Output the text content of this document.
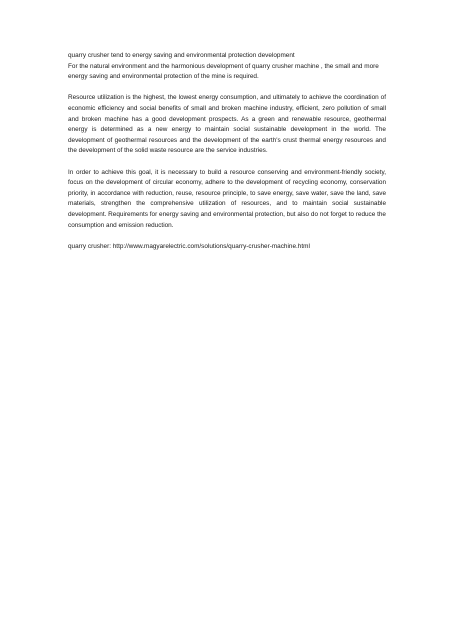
quarry crusher tend to energy saving and environmental protection development
For the natural environment and the harmonious development of quarry crusher machine , the small and more energy saving and environmental protection of the mine is required.
Resource utilization is the highest, the lowest energy consumption, and ultimately to achieve the coordination of economic efficiency and social benefits of small and broken machine industry, efficient, zero pollution of small and broken machine has a good development prospects. As a green and renewable resource, geothermal energy is determined as a new energy to maintain social sustainable development in the world. The development of geothermal resources and the development of the earth's crust thermal energy resources and the development of the solid waste resource are the service industries.
In order to achieve this goal, it is necessary to build a resource conserving and environment-friendly society, focus on the development of circular economy, adhere to the development of recycling economy, conservation priority, in accordance with reduction, reuse, resource principle, to save energy, save water, save the land, save materials, strengthen the comprehensive utilization of resources, and to maintain social sustainable development. Requirements for energy saving and environmental protection, but also do not forget to reduce the consumption and emission reduction.
quarry crusher: http://www.magyarelectric.com/solutions/quarry-crusher-machine.html
